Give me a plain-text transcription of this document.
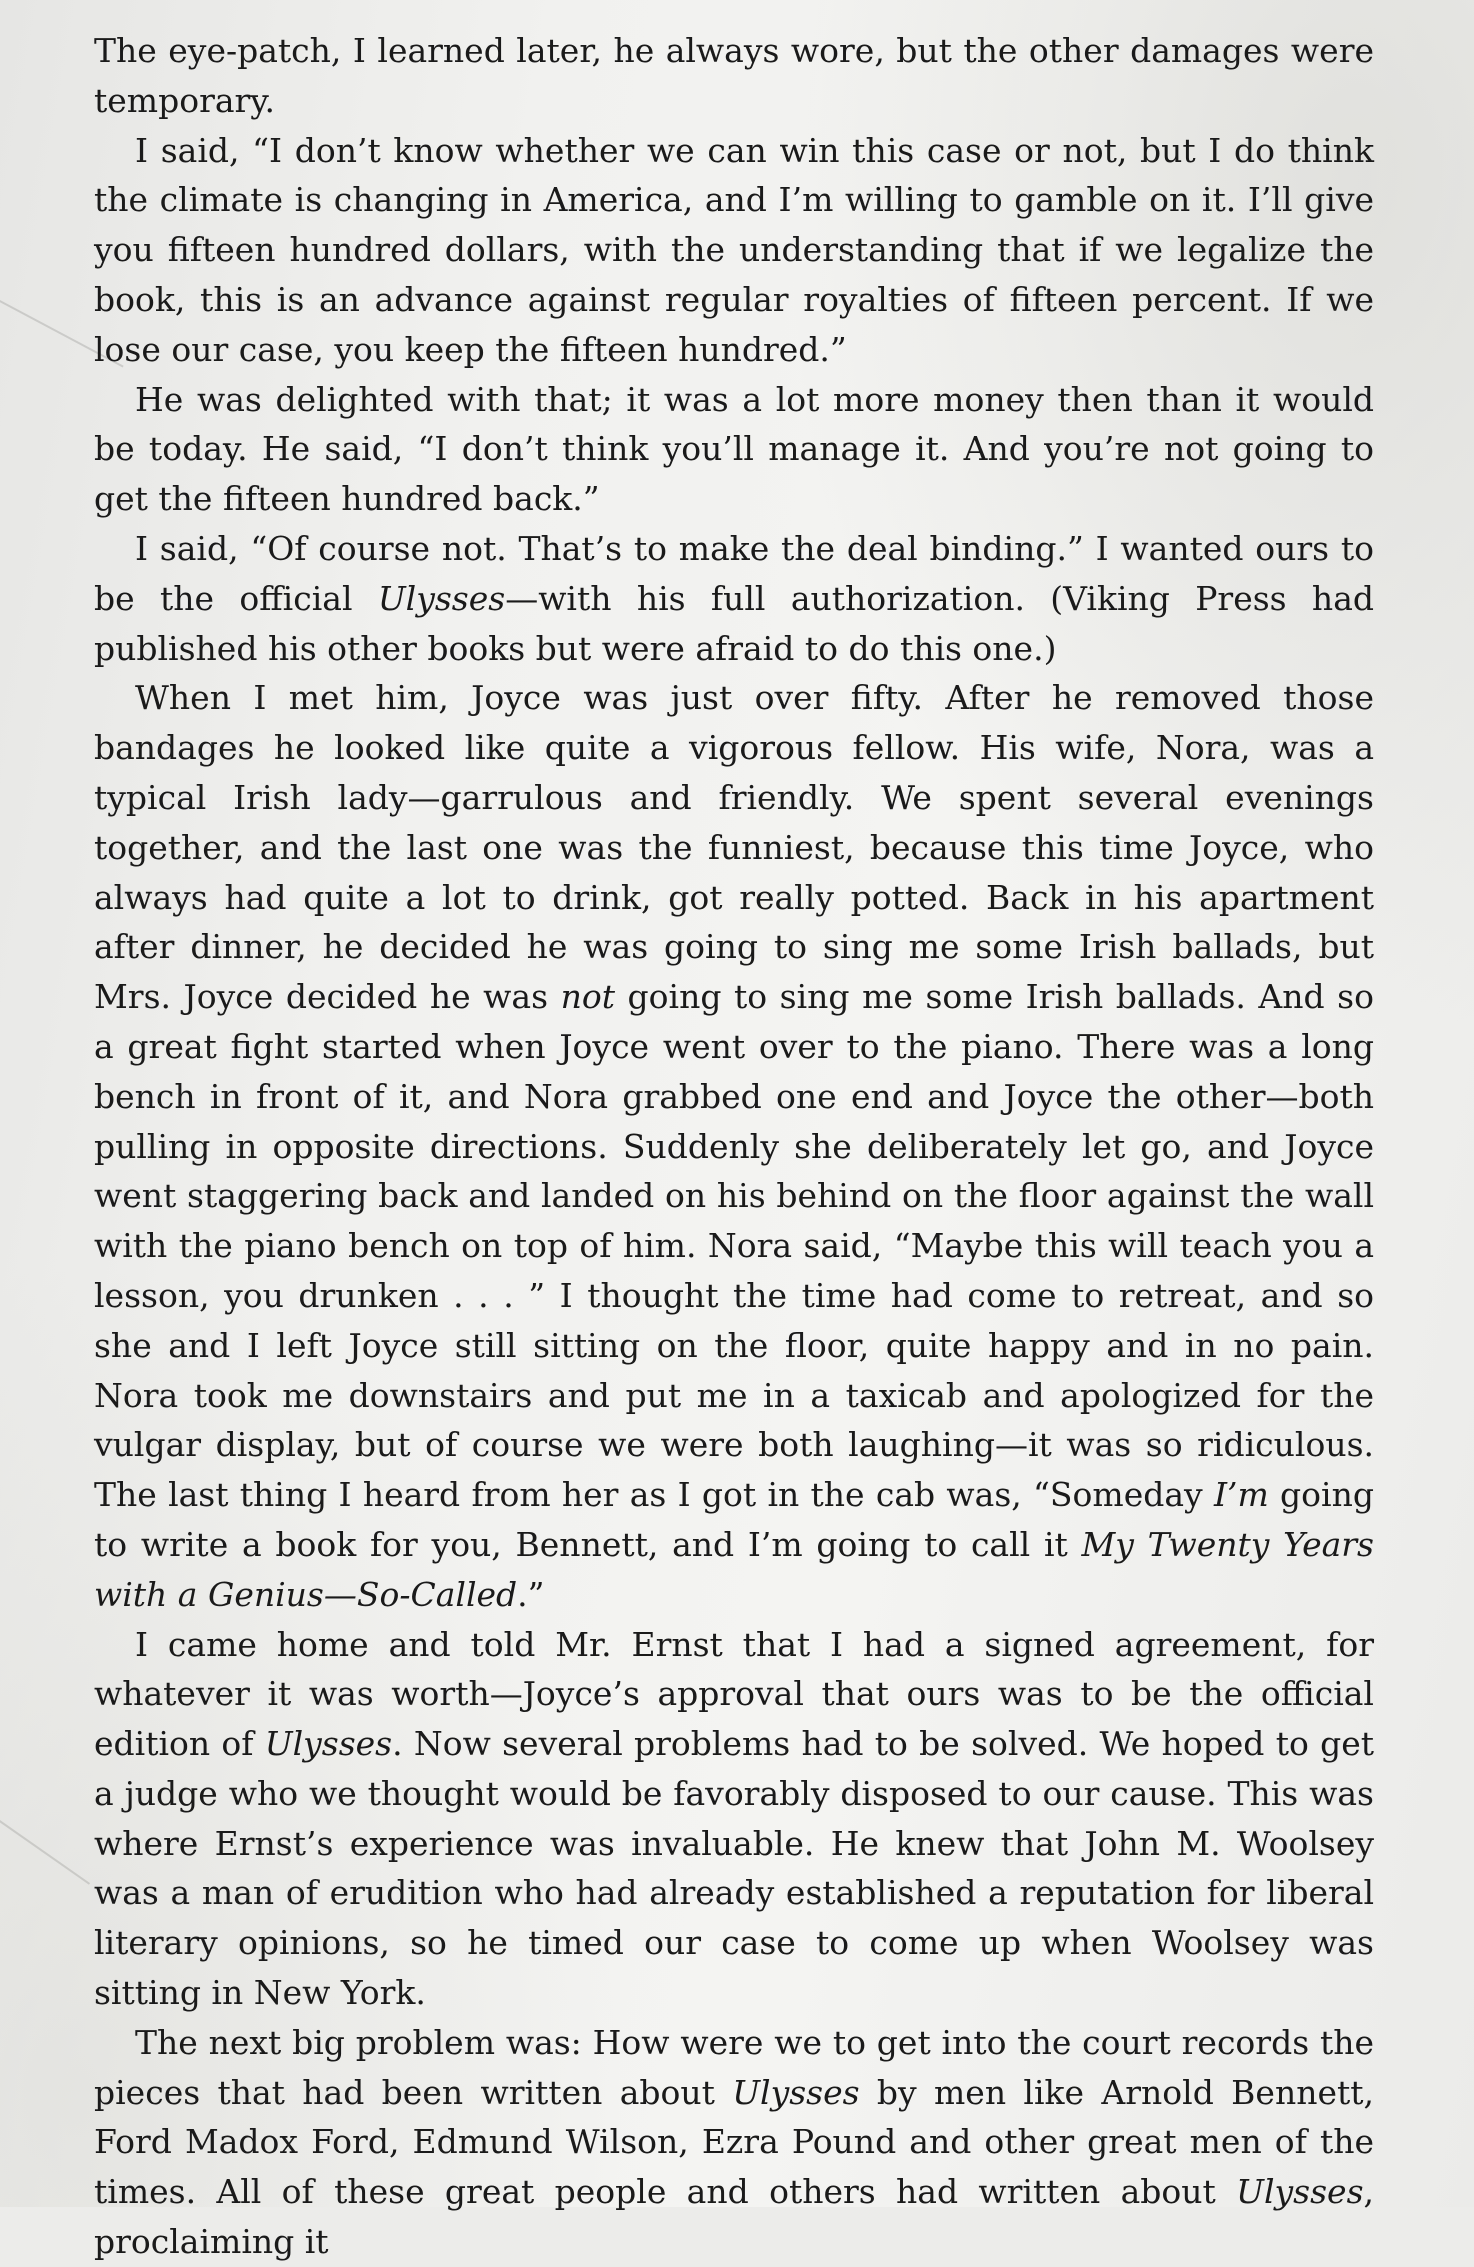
The eye-patch, I learned later, he always wore, but the other damages were temporary.

I said, “I don’t know whether we can win this case or not, but I do think the climate is changing in America, and I’m willing to gamble on it. I’ll give you fifteen hundred dollars, with the understanding that if we legalize the book, this is an advance against regular royalties of fifteen percent. If we lose our case, you keep the fifteen hundred.”

He was delighted with that; it was a lot more money then than it would be today. He said, “I don’t think you’ll manage it. And you’re not going to get the fifteen hundred back.”

I said, “Of course not. That’s to make the deal binding.” I wanted ours to be the official Ulysses—with his full authorization. (Viking Press had published his other books but were afraid to do this one.)

When I met him, Joyce was just over fifty. After he removed those bandages he looked like quite a vigorous fellow. His wife, Nora, was a typical Irish lady—garrulous and friendly. We spent several evenings together, and the last one was the funniest, because this time Joyce, who always had quite a lot to drink, got really potted. Back in his apartment after dinner, he decided he was going to sing me some Irish ballads, but Mrs. Joyce decided he was not going to sing me some Irish ballads. And so a great fight started when Joyce went over to the piano. There was a long bench in front of it, and Nora grabbed one end and Joyce the other—both pulling in opposite directions. Suddenly she deliberately let go, and Joyce went staggering back and landed on his behind on the floor against the wall with the piano bench on top of him. Nora said, “Maybe this will teach you a lesson, you drunken . . . ” I thought the time had come to retreat, and so she and I left Joyce still sitting on the floor, quite happy and in no pain. Nora took me downstairs and put me in a taxicab and apologized for the vulgar display, but of course we were both laughing—it was so ridiculous. The last thing I heard from her as I got in the cab was, “Someday I’m going to write a book for you, Bennett, and I’m going to call it My Twenty Years with a Genius—So-Called.”

I came home and told Mr. Ernst that I had a signed agreement, for whatever it was worth—Joyce’s approval that ours was to be the official edition of Ulysses. Now several problems had to be solved. We hoped to get a judge who we thought would be favorably disposed to our cause. This was where Ernst’s experience was invaluable. He knew that John M. Woolsey was a man of erudition who had already established a reputation for liberal literary opinions, so he timed our case to come up when Woolsey was sitting in New York.

The next big problem was: How were we to get into the court records the pieces that had been written about Ulysses by men like Arnold Bennett, Ford Madox Ford, Edmund Wilson, Ezra Pound and other great men of the times. All of these great people and others had written about Ulysses, proclaiming it
